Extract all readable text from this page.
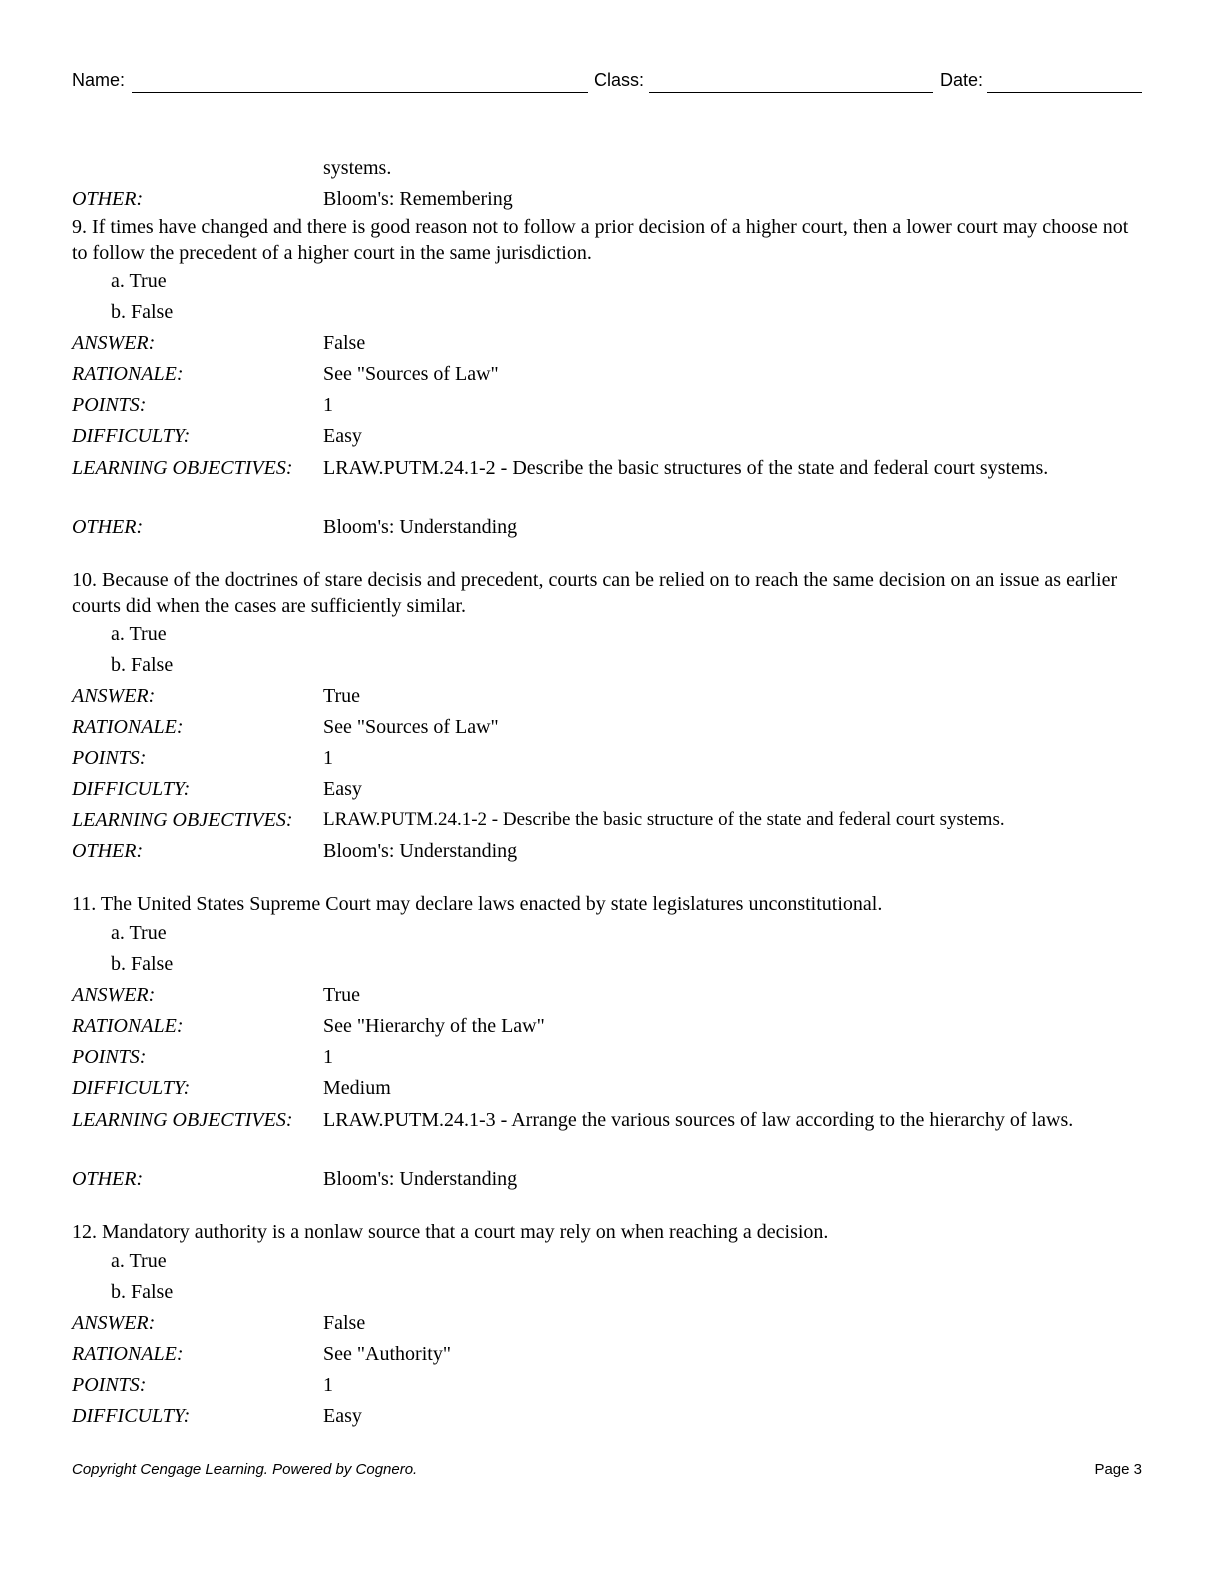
Name:	Class:	Date:
systems.
OTHER:	Bloom's: Remembering
9. If times have changed and there is good reason not to follow a prior decision of a higher court, then a lower court may choose not to follow the precedent of a higher court in the same jurisdiction.
a. True
b. False
ANSWER:	False
RATIONALE:	See "Sources of Law"
POINTS:	1
DIFFICULTY:	Easy
LEARNING OBJECTIVES: LRAW.PUTM.24.1-2 - Describe the basic structures of the state and federal court systems.
OTHER:	Bloom's: Understanding
10. Because of the doctrines of stare decisis and precedent, courts can be relied on to reach the same decision on an issue as earlier courts did when the cases are sufficiently similar.
a. True
b. False
ANSWER:	True
RATIONALE:	See "Sources of Law"
POINTS:	1
DIFFICULTY:	Easy
LEARNING OBJECTIVES: LRAW.PUTM.24.1-2 - Describe the basic structure of the state and federal court systems.
OTHER:	Bloom's: Understanding
11. The United States Supreme Court may declare laws enacted by state legislatures unconstitutional.
a. True
b. False
ANSWER:	True
RATIONALE:	See "Hierarchy of the Law"
POINTS:	1
DIFFICULTY:	Medium
LEARNING OBJECTIVES: LRAW.PUTM.24.1-3 - Arrange the various sources of law according to the hierarchy of laws.
OTHER:	Bloom's: Understanding
12. Mandatory authority is a nonlaw source that a court may rely on when reaching a decision.
a. True
b. False
ANSWER:	False
RATIONALE:	See "Authority"
POINTS:	1
DIFFICULTY:	Easy
Copyright Cengage Learning. Powered by Cognero.	Page 3
